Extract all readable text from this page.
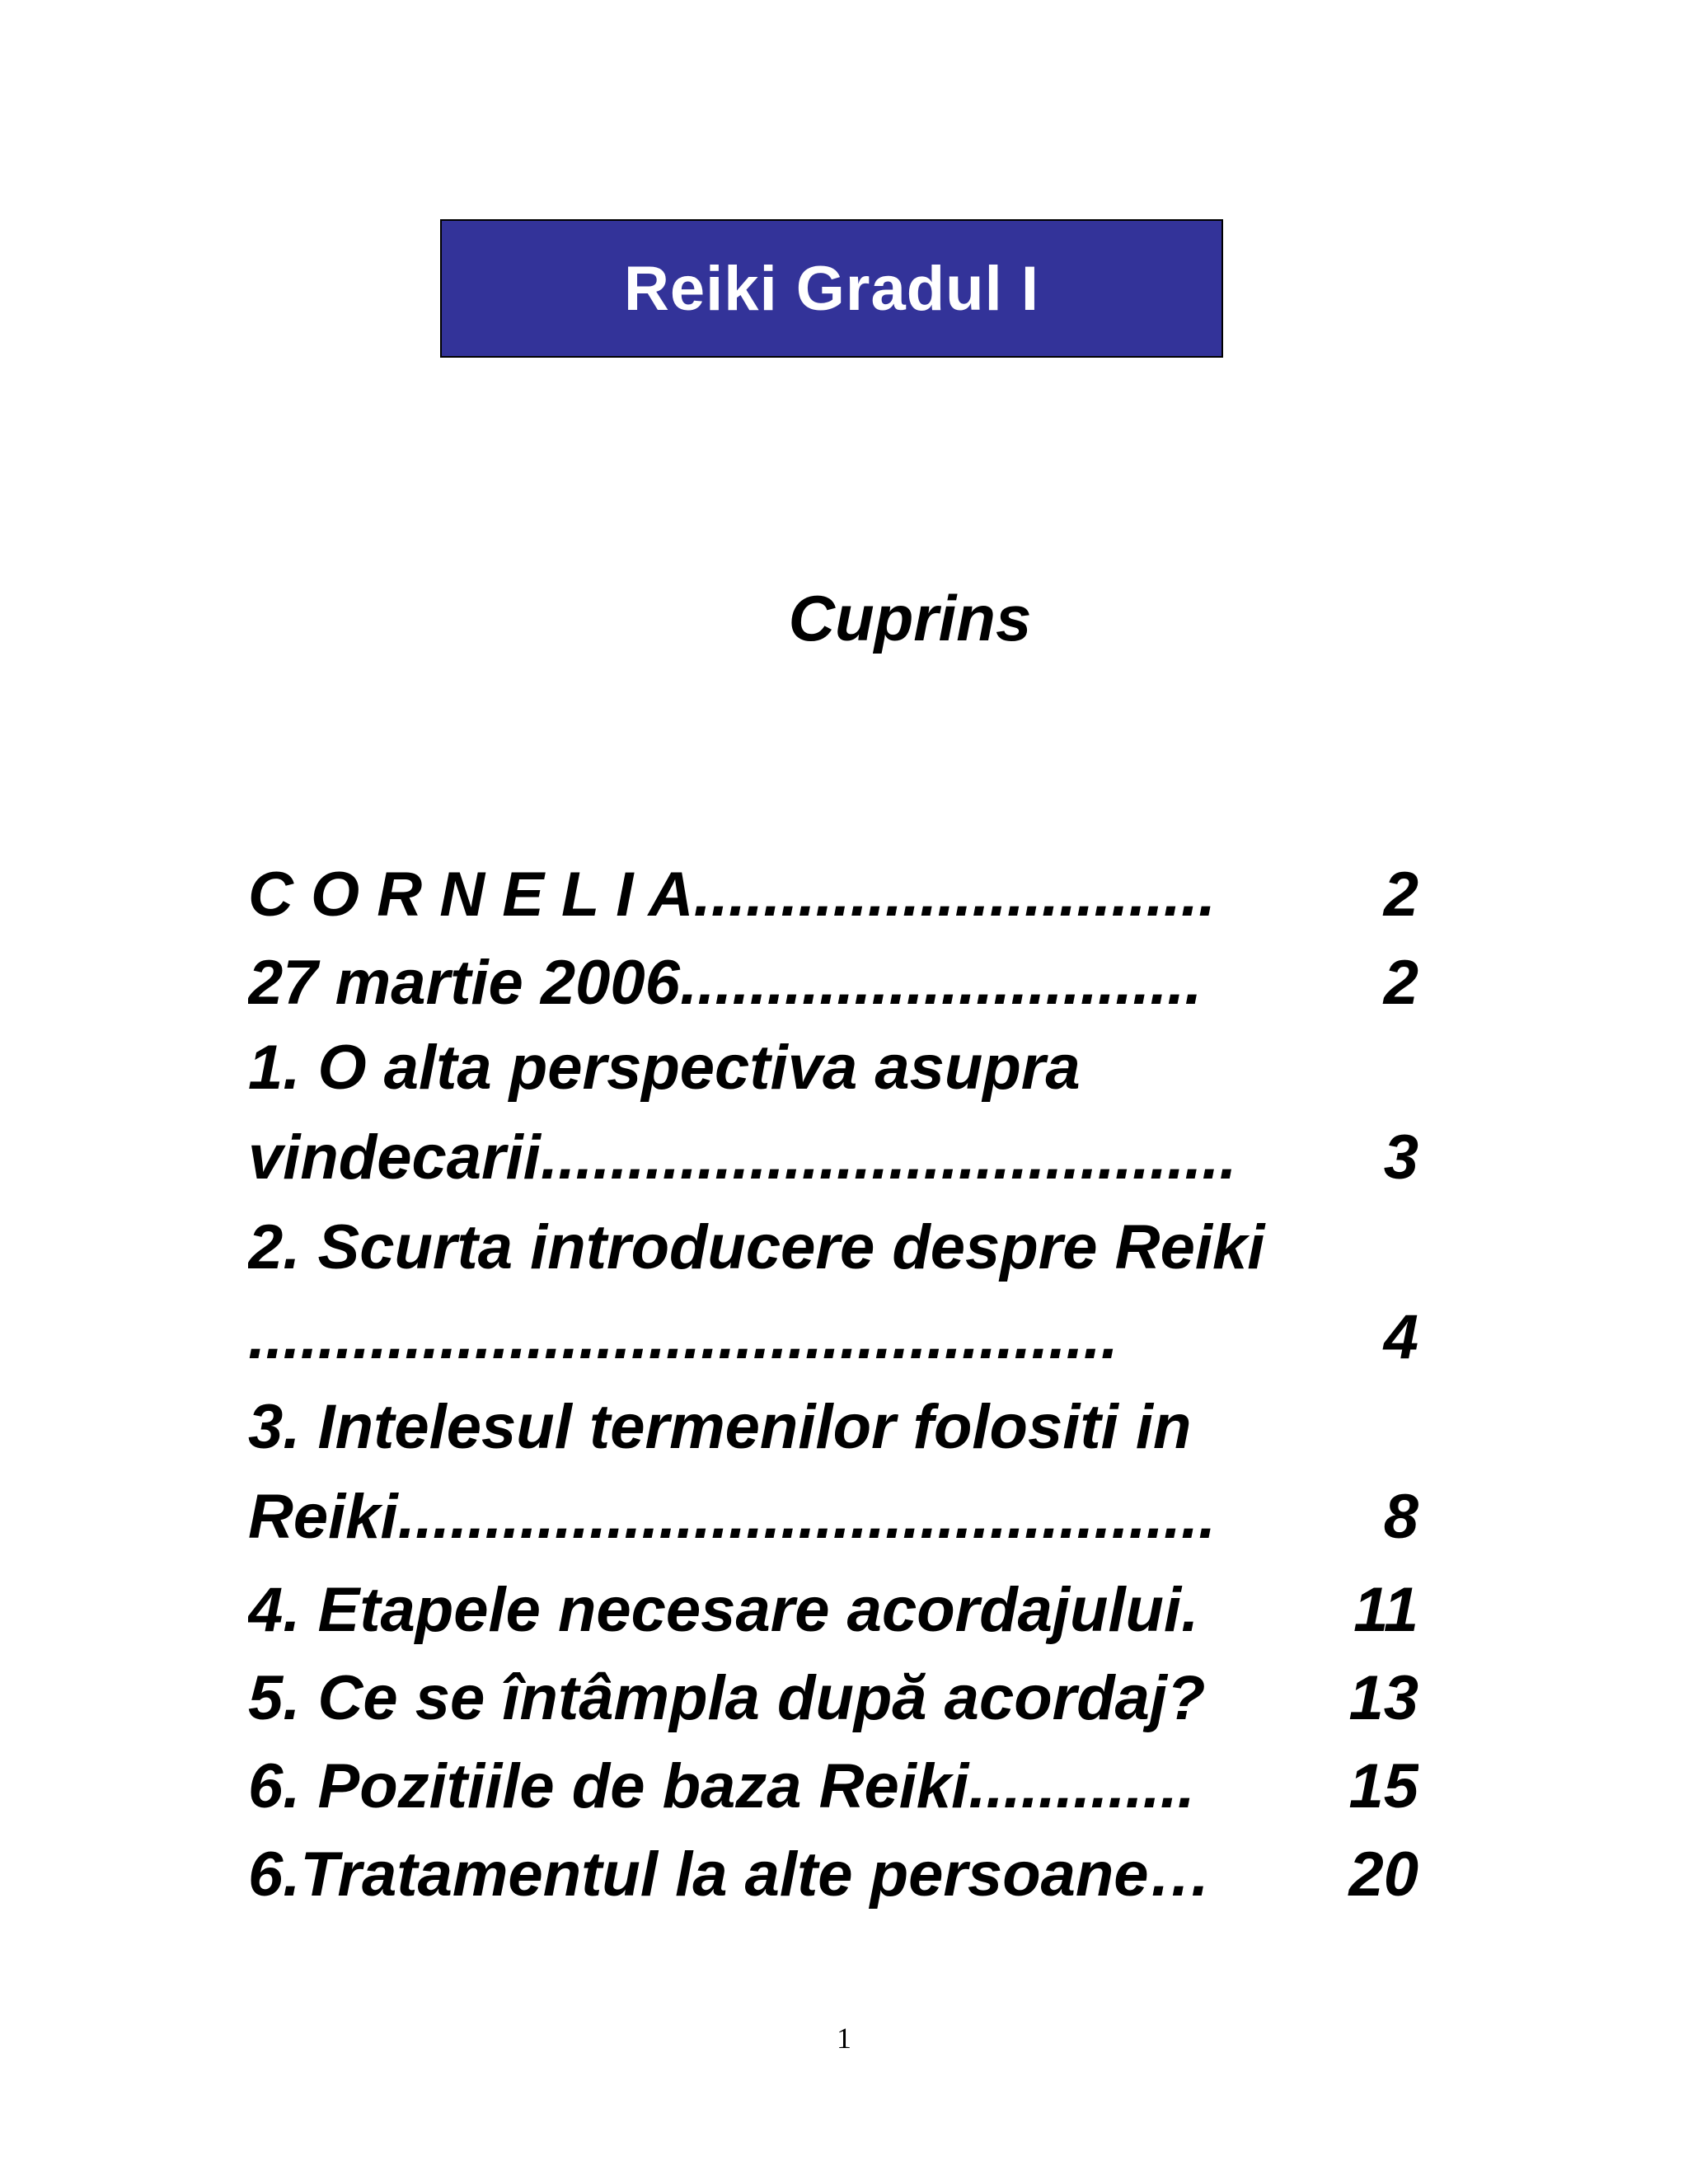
Reiki Gradul I
Cuprins
C O R N E L I A ..............................	2
27 martie 2006 ..............................	2
1. O alta perspectiva asupra
vindecarii ........................................	3
2. Scurta introducere despre Reiki
..................................................	4
3. Intelesul termenilor folositi in
Reiki ...............................................	8
4. Etapele necesare acordajului. 11
5. Ce se întâmpla după acordaj? 13
6. Pozitiile de baza Reiki .............	15
6.Tratamentul la alte persoane …	20
1
